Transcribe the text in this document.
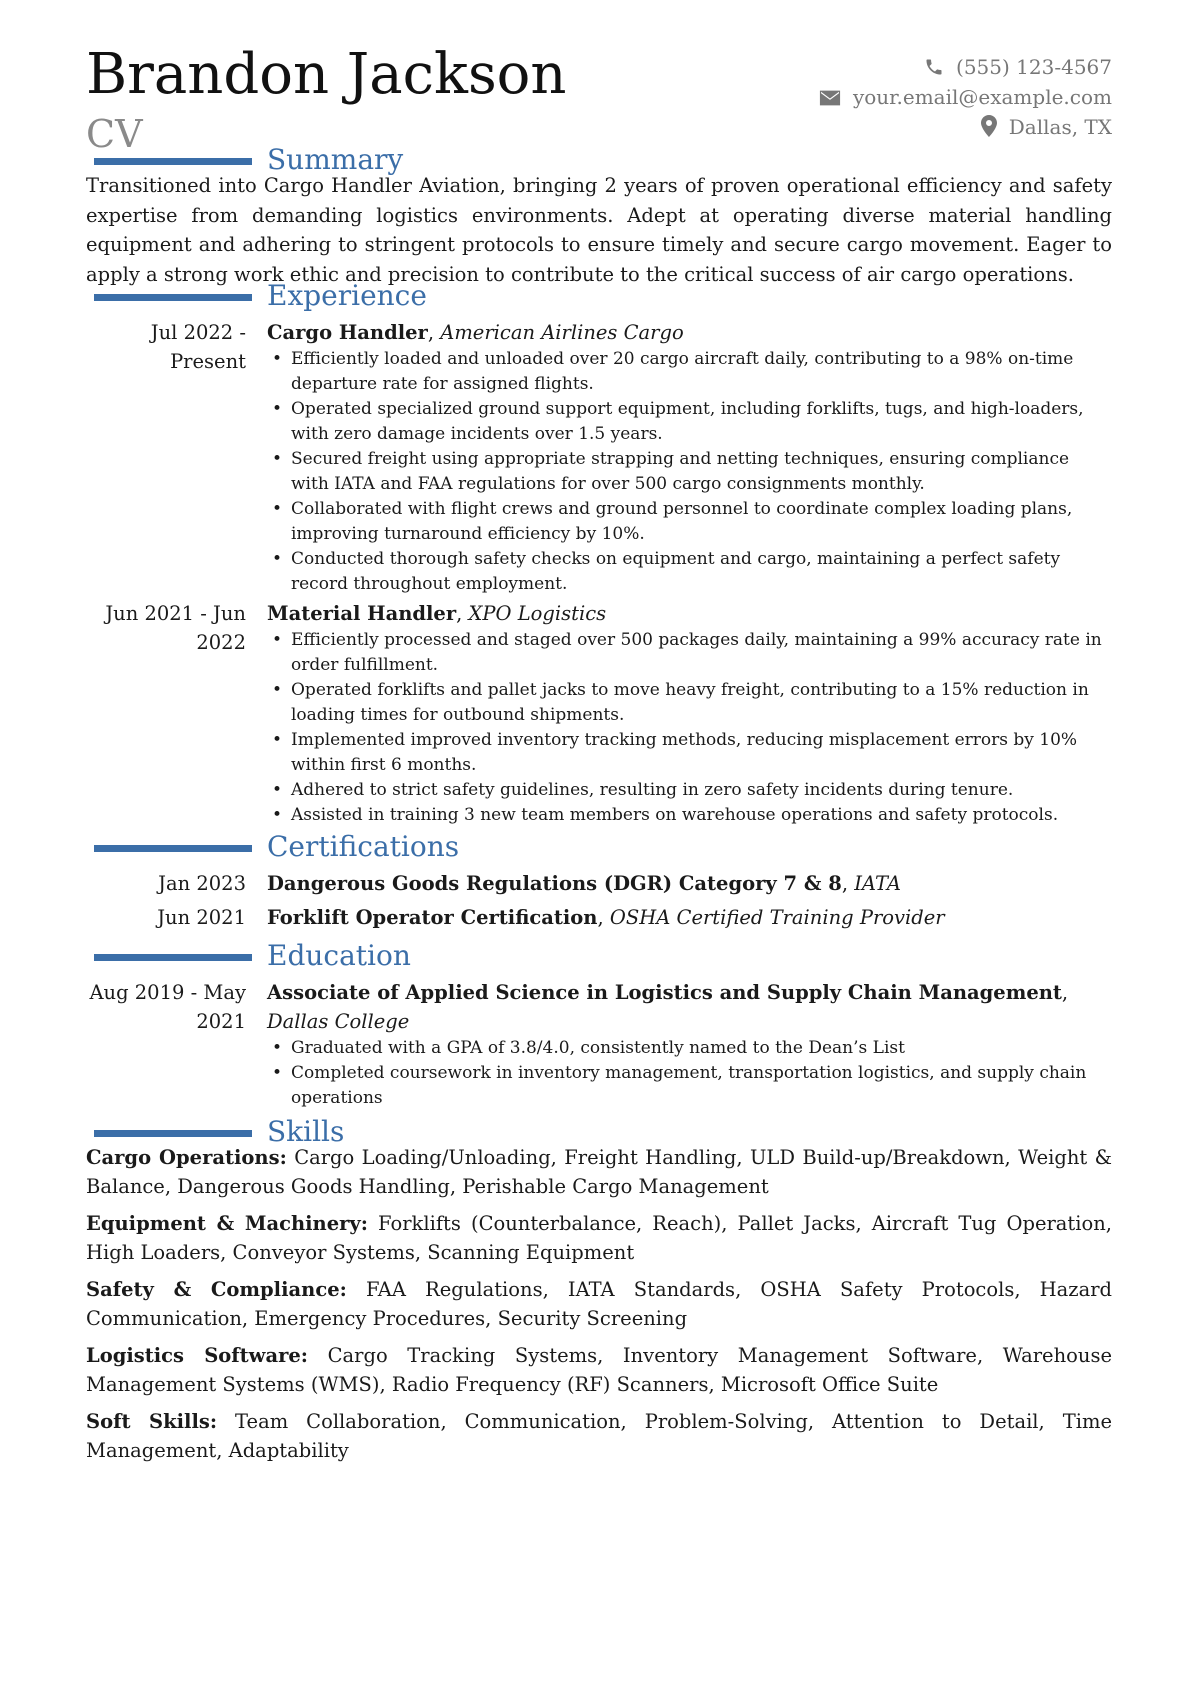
Brandon Jackson
CV
(555) 123-4567
your.email@example.com
Dallas, TX
Summary
Transitioned into Cargo Handler Aviation, bringing 2 years of proven operational efficiency and safety expertise from demanding logistics environments. Adept at operating diverse material handling equipment and adhering to stringent protocols to ensure timely and secure cargo movement. Eager to apply a strong work ethic and precision to contribute to the critical success of air cargo operations.
Experience
Jul 2022 - Present
Cargo Handler, American Airlines Cargo
• Efficiently loaded and unloaded over 20 cargo aircraft daily, contributing to a 98% on-time departure rate for assigned flights.
• Operated specialized ground support equipment, including forklifts, tugs, and high-loaders, with zero damage incidents over 1.5 years.
• Secured freight using appropriate strapping and netting techniques, ensuring compliance with IATA and FAA regulations for over 500 cargo consignments monthly.
• Collaborated with flight crews and ground personnel to coordinate complex loading plans, improving turnaround efficiency by 10%.
• Conducted thorough safety checks on equipment and cargo, maintaining a perfect safety record throughout employment.
Jun 2021 - Jun 2022
Material Handler, XPO Logistics
• Efficiently processed and staged over 500 packages daily, maintaining a 99% accuracy rate in order fulfillment.
• Operated forklifts and pallet jacks to move heavy freight, contributing to a 15% reduction in loading times for outbound shipments.
• Implemented improved inventory tracking methods, reducing misplacement errors by 10% within first 6 months.
• Adhered to strict safety guidelines, resulting in zero safety incidents during tenure.
• Assisted in training 3 new team members on warehouse operations and safety protocols.
Certifications
Jan 2023 Dangerous Goods Regulations (DGR) Category 7 & 8, IATA
Jun 2021 Forklift Operator Certification, OSHA Certified Training Provider
Education
Aug 2019 - May 2021
Associate of Applied Science in Logistics and Supply Chain Management,
Dallas College
• Graduated with a GPA of 3.8/4.0, consistently named to the Dean’s List
• Completed coursework in inventory management, transportation logistics, and supply chain operations
Skills
Cargo Operations: Cargo Loading/Unloading, Freight Handling, ULD Build-up/Breakdown, Weight & Balance, Dangerous Goods Handling, Perishable Cargo Management
Equipment & Machinery: Forklifts (Counterbalance, Reach), Pallet Jacks, Aircraft Tug Operation, High Loaders, Conveyor Systems, Scanning Equipment
Safety & Compliance: FAA Regulations, IATA Standards, OSHA Safety Protocols, Hazard Communication, Emergency Procedures, Security Screening
Logistics Software: Cargo Tracking Systems, Inventory Management Software, Warehouse Management Systems (WMS), Radio Frequency (RF) Scanners, Microsoft Office Suite
Soft Skills: Team Collaboration, Communication, Problem-Solving, Attention to Detail, Time Management, Adaptability
